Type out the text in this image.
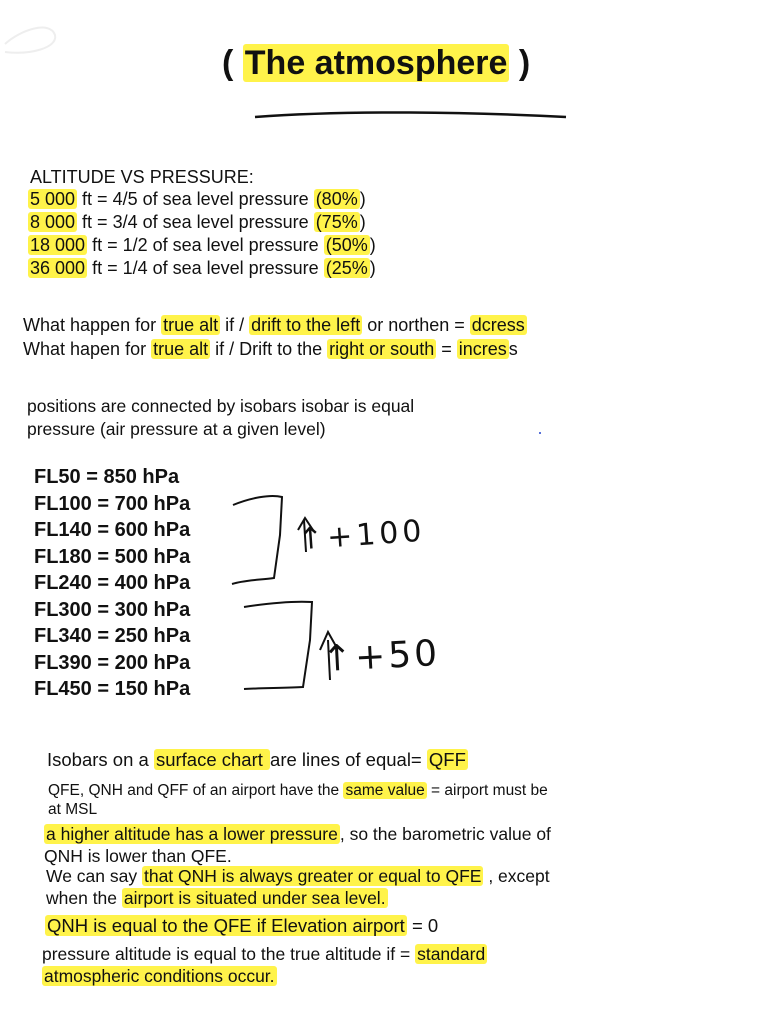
( The atmosphere )
ALTITUDE VS PRESSURE:
5 000 ft = 4/5 of sea level pressure (80% )
8 000 ft = 3/4 of sea level pressure (75% )
18 000 ft = 1/2 of sea level pressure (50% )
36 000 ft = 1/4 of sea level pressure (25% )
What happen for true alt if / drift to the left or northen = dcress
What hapen for true alt if / Drift to the right or south = incres s
positions are connected by isobars isobar is equal
pressure (air pressure at a given level)
FL50 = 850 hPa
FL100 = 700 hPa
FL140 = 600 hPa
FL180 = 500 hPa
FL240 = 400 hPa
FL300 = 300 hPa
FL340 = 250 hPa
FL390 = 200 hPa
FL450 = 150 hPa
↑+100
↑+50
Isobars on a surface chart are lines of equal= QFF
QFE, QNH and QFF of an airport have the same value = airport must be
at MSL
a higher altitude has a lower pressure , so the barometric value of
QNH is lower than QFE.
We can say that QNH is always greater or equal to QFE , except
when the airport is situated under sea level.
QNH is equal to the QFE if Elevation airport = 0
pressure altitude is equal to the true altitude if = standard
atmospheric conditions occur.
